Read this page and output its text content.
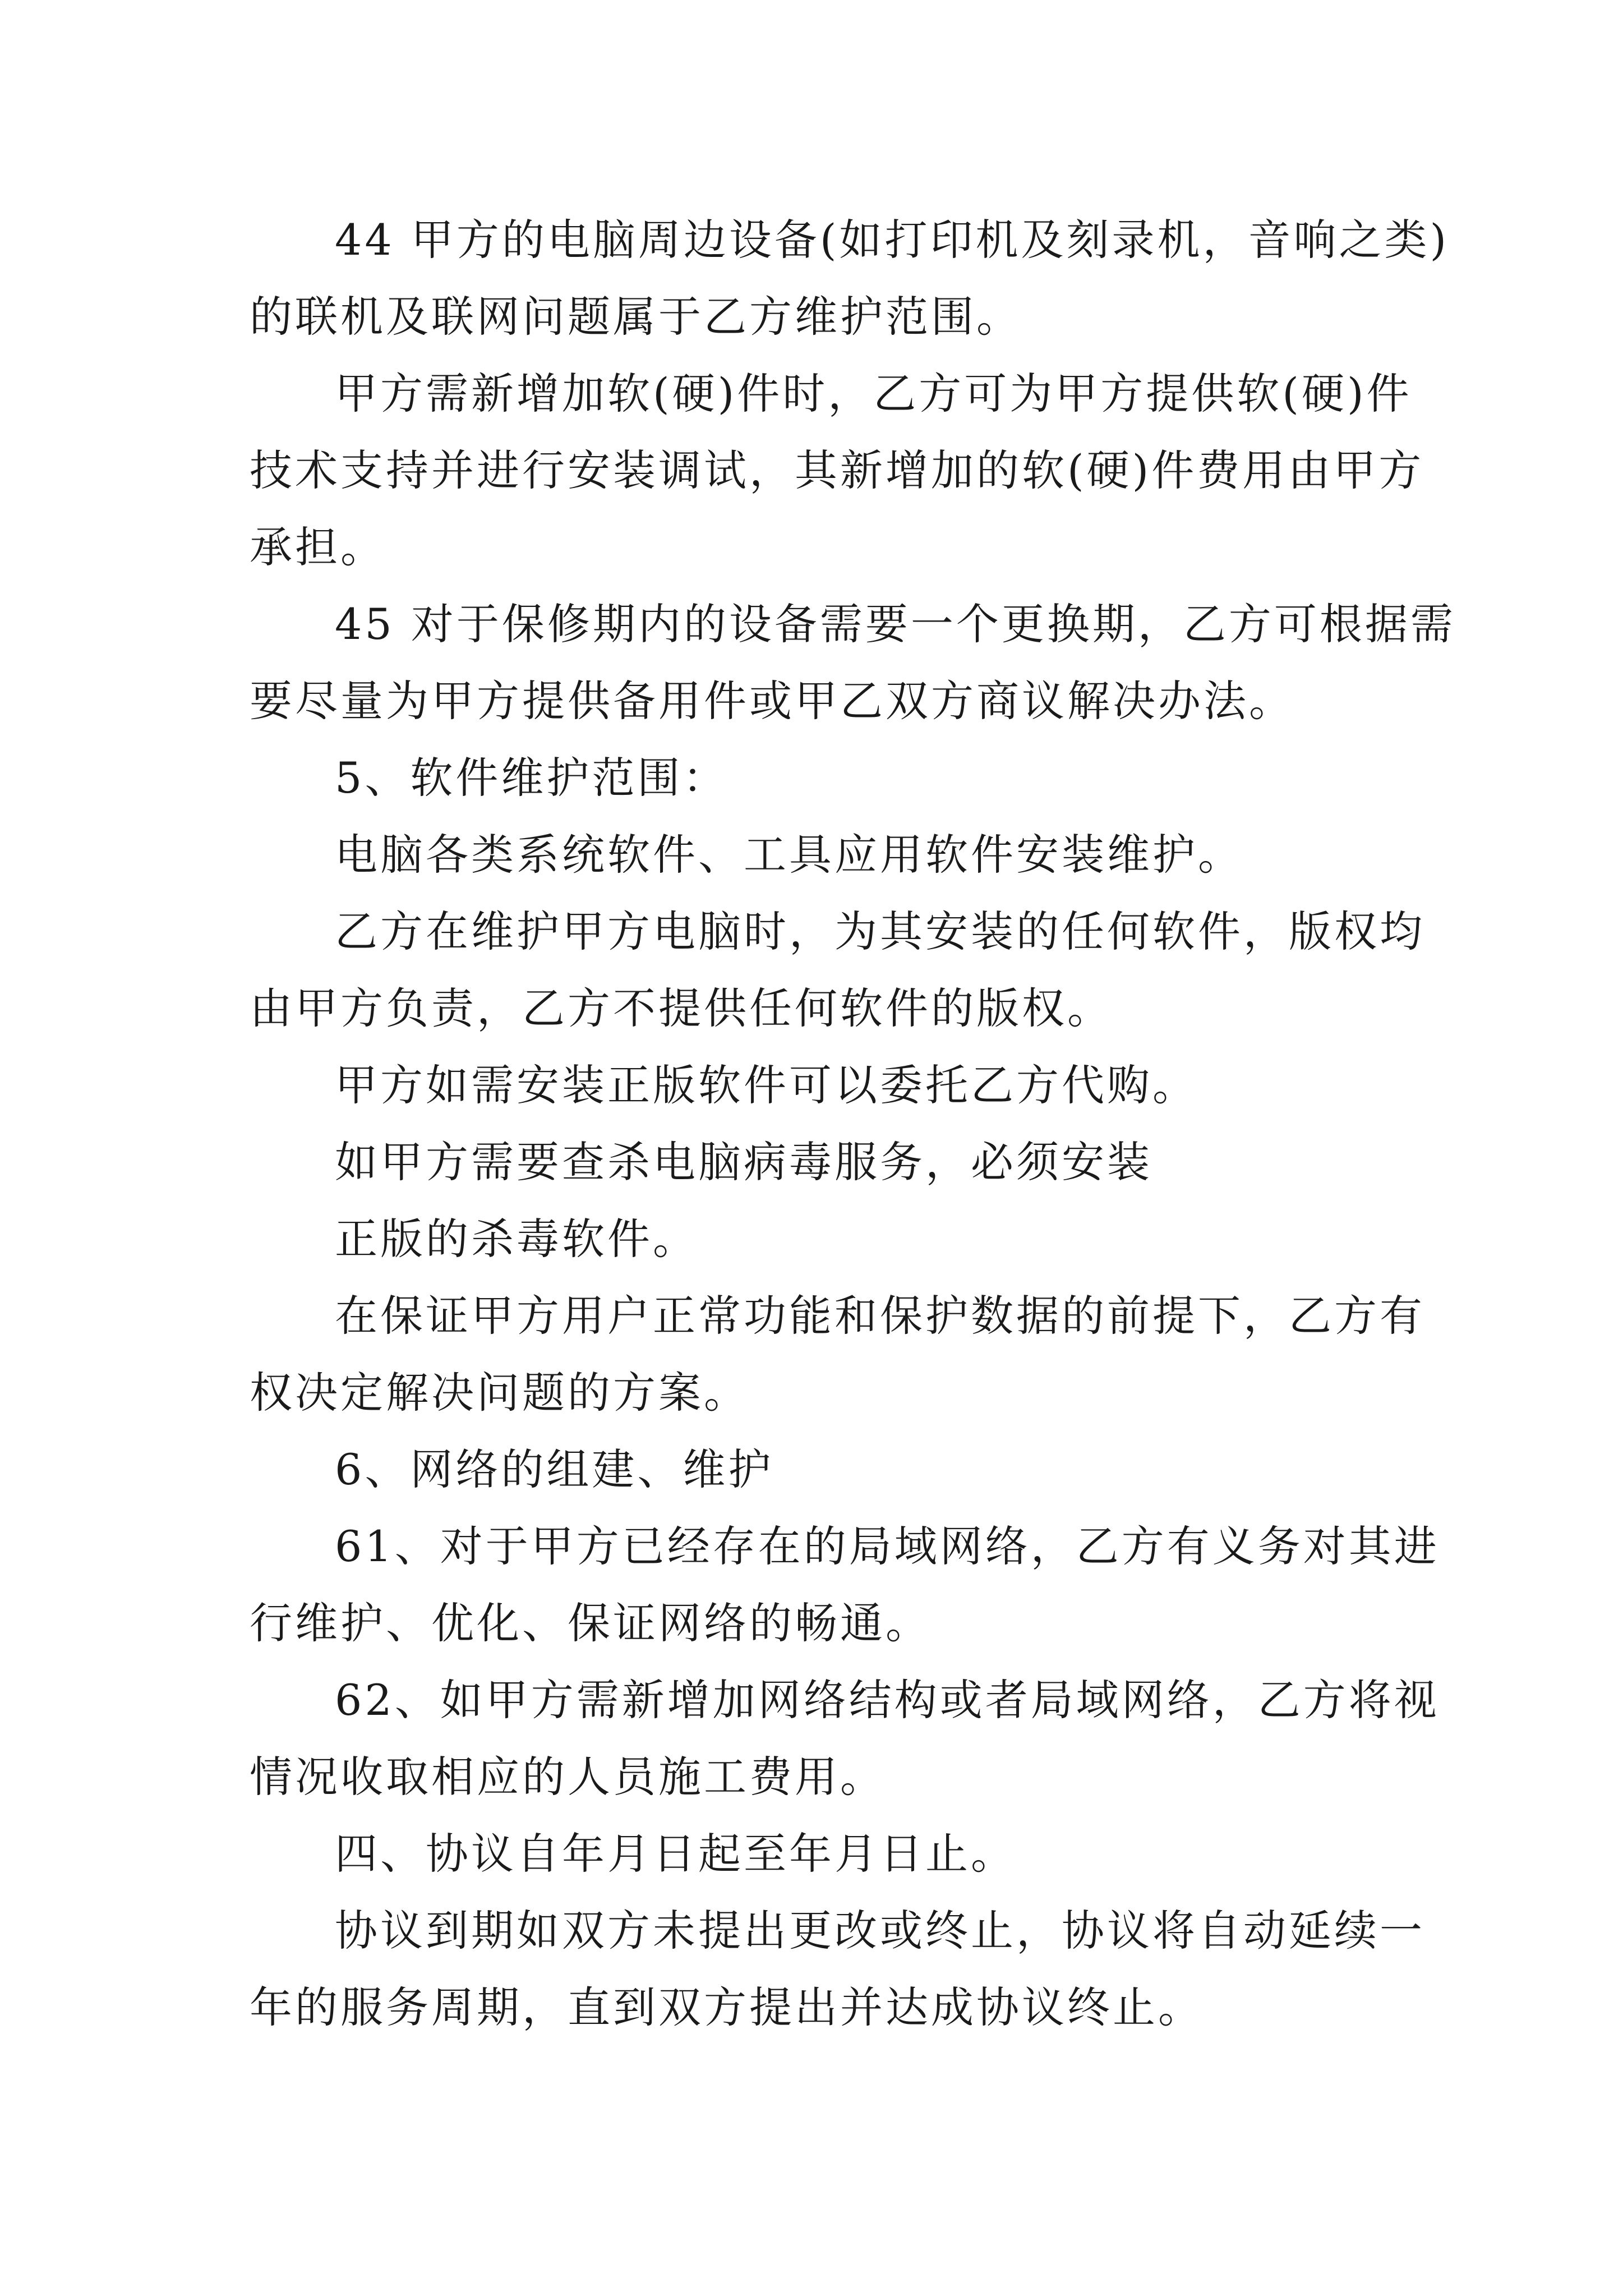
44 甲方的电脑周边设备(如打印机及刻录机，音响之类)
的联机及联网问题属于乙方维护范围。
甲方需新增加软(硬)件时，乙方可为甲方提供软(硬)件
技术支持并进行安装调试，其新增加的软(硬)件费用由甲方
承担。
45 对于保修期内的设备需要一个更换期，乙方可根据需
要尽量为甲方提供备用件或甲乙双方商议解决办法。
5、软件维护范围：
电脑各类系统软件、工具应用软件安装维护。
乙方在维护甲方电脑时，为其安装的任何软件，版权均
由甲方负责，乙方不提供任何软件的版权。
甲方如需安装正版软件可以委托乙方代购。
如甲方需要查杀电脑病毒服务，必须安装
正版的杀毒软件。
在保证甲方用户正常功能和保护数据的前提下，乙方有
权决定解决问题的方案。
6、网络的组建、维护
61、对于甲方已经存在的局域网络，乙方有义务对其进
行维护、优化、保证网络的畅通。
62、如甲方需新增加网络结构或者局域网络，乙方将视
情况收取相应的人员施工费用。
四、协议自年月日起至年月日止。
协议到期如双方未提出更改或终止，协议将自动延续一
年的服务周期，直到双方提出并达成协议终止。
